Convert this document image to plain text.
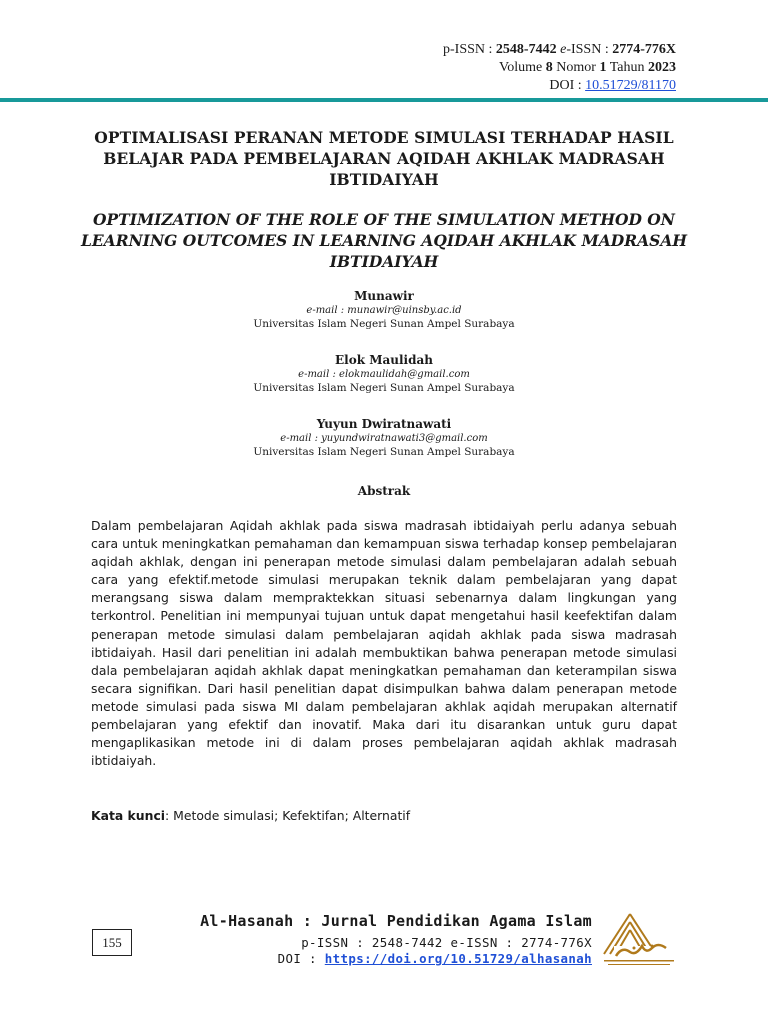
p-ISSN : 2548-7442 e-ISSN : 2774-776X
Volume 8 Nomor 1 Tahun 2023
DOI : 10.51729/81170
OPTIMALISASI PERANAN METODE SIMULASI TERHADAP HASIL BELAJAR PADA PEMBELAJARAN AQIDAH AKHLAK MADRASAH IBTIDAIYAH
OPTIMIZATION OF THE ROLE OF THE SIMULATION METHOD ON LEARNING OUTCOMES IN LEARNING AQIDAH AKHLAK MADRASAH IBTIDAIYAH
Munawir
e-mail : munawir@uinsby.ac.id
Universitas Islam Negeri Sunan Ampel Surabaya
Elok Maulidah
e-mail : elokmaulidah@gmail.com
Universitas Islam Negeri Sunan Ampel Surabaya
Yuyun Dwiratnawati
e-mail : yuyundwiratnawati3@gmail.com
Universitas Islam Negeri Sunan Ampel Surabaya
Abstrak
Dalam pembelajaran Aqidah akhlak pada siswa madrasah ibtidaiyah perlu adanya sebuah cara untuk meningkatkan pemahaman dan kemampuan siswa terhadap konsep pembelajaran aqidah akhlak, dengan ini penerapan metode simulasi dalam pembelajaran adalah sebuah cara yang efektif.metode simulasi merupakan teknik dalam pembelajaran yang dapat merangsang siswa dalam mempraktekkan situasi sebenarnya dalam lingkungan yang terkontrol. Penelitian ini mempunyai tujuan untuk dapat mengetahui hasil keefektifan dalam penerapan metode simulasi dalam pembelajaran aqidah akhlak pada siswa madrasah ibtidaiyah. Hasil dari penelitian ini adalah membuktikan bahwa penerapan metode simulasi dala pembelajaran aqidah akhlak dapat meningkatkan pemahaman dan keterampilan siswa secara signifikan. Dari hasil penelitian dapat disimpulkan bahwa dalam penerapan metode metode simulasi pada siswa MI dalam pembelajaran akhlak aqidah merupakan alternatif pembelajaran yang efektif dan inovatif. Maka dari itu disarankan untuk guru dapat mengaplikasikan metode ini di dalam proses pembelajaran aqidah akhlak madrasah ibtidaiyah.
Kata kunci: Metode simulasi; Kefektifan; Alternatif
155
Al-Hasanah : Jurnal Pendidikan Agama Islam
p-ISSN : 2548-7442 e-ISSN : 2774-776X
DOI : https://doi.org/10.51729/alhasanah
